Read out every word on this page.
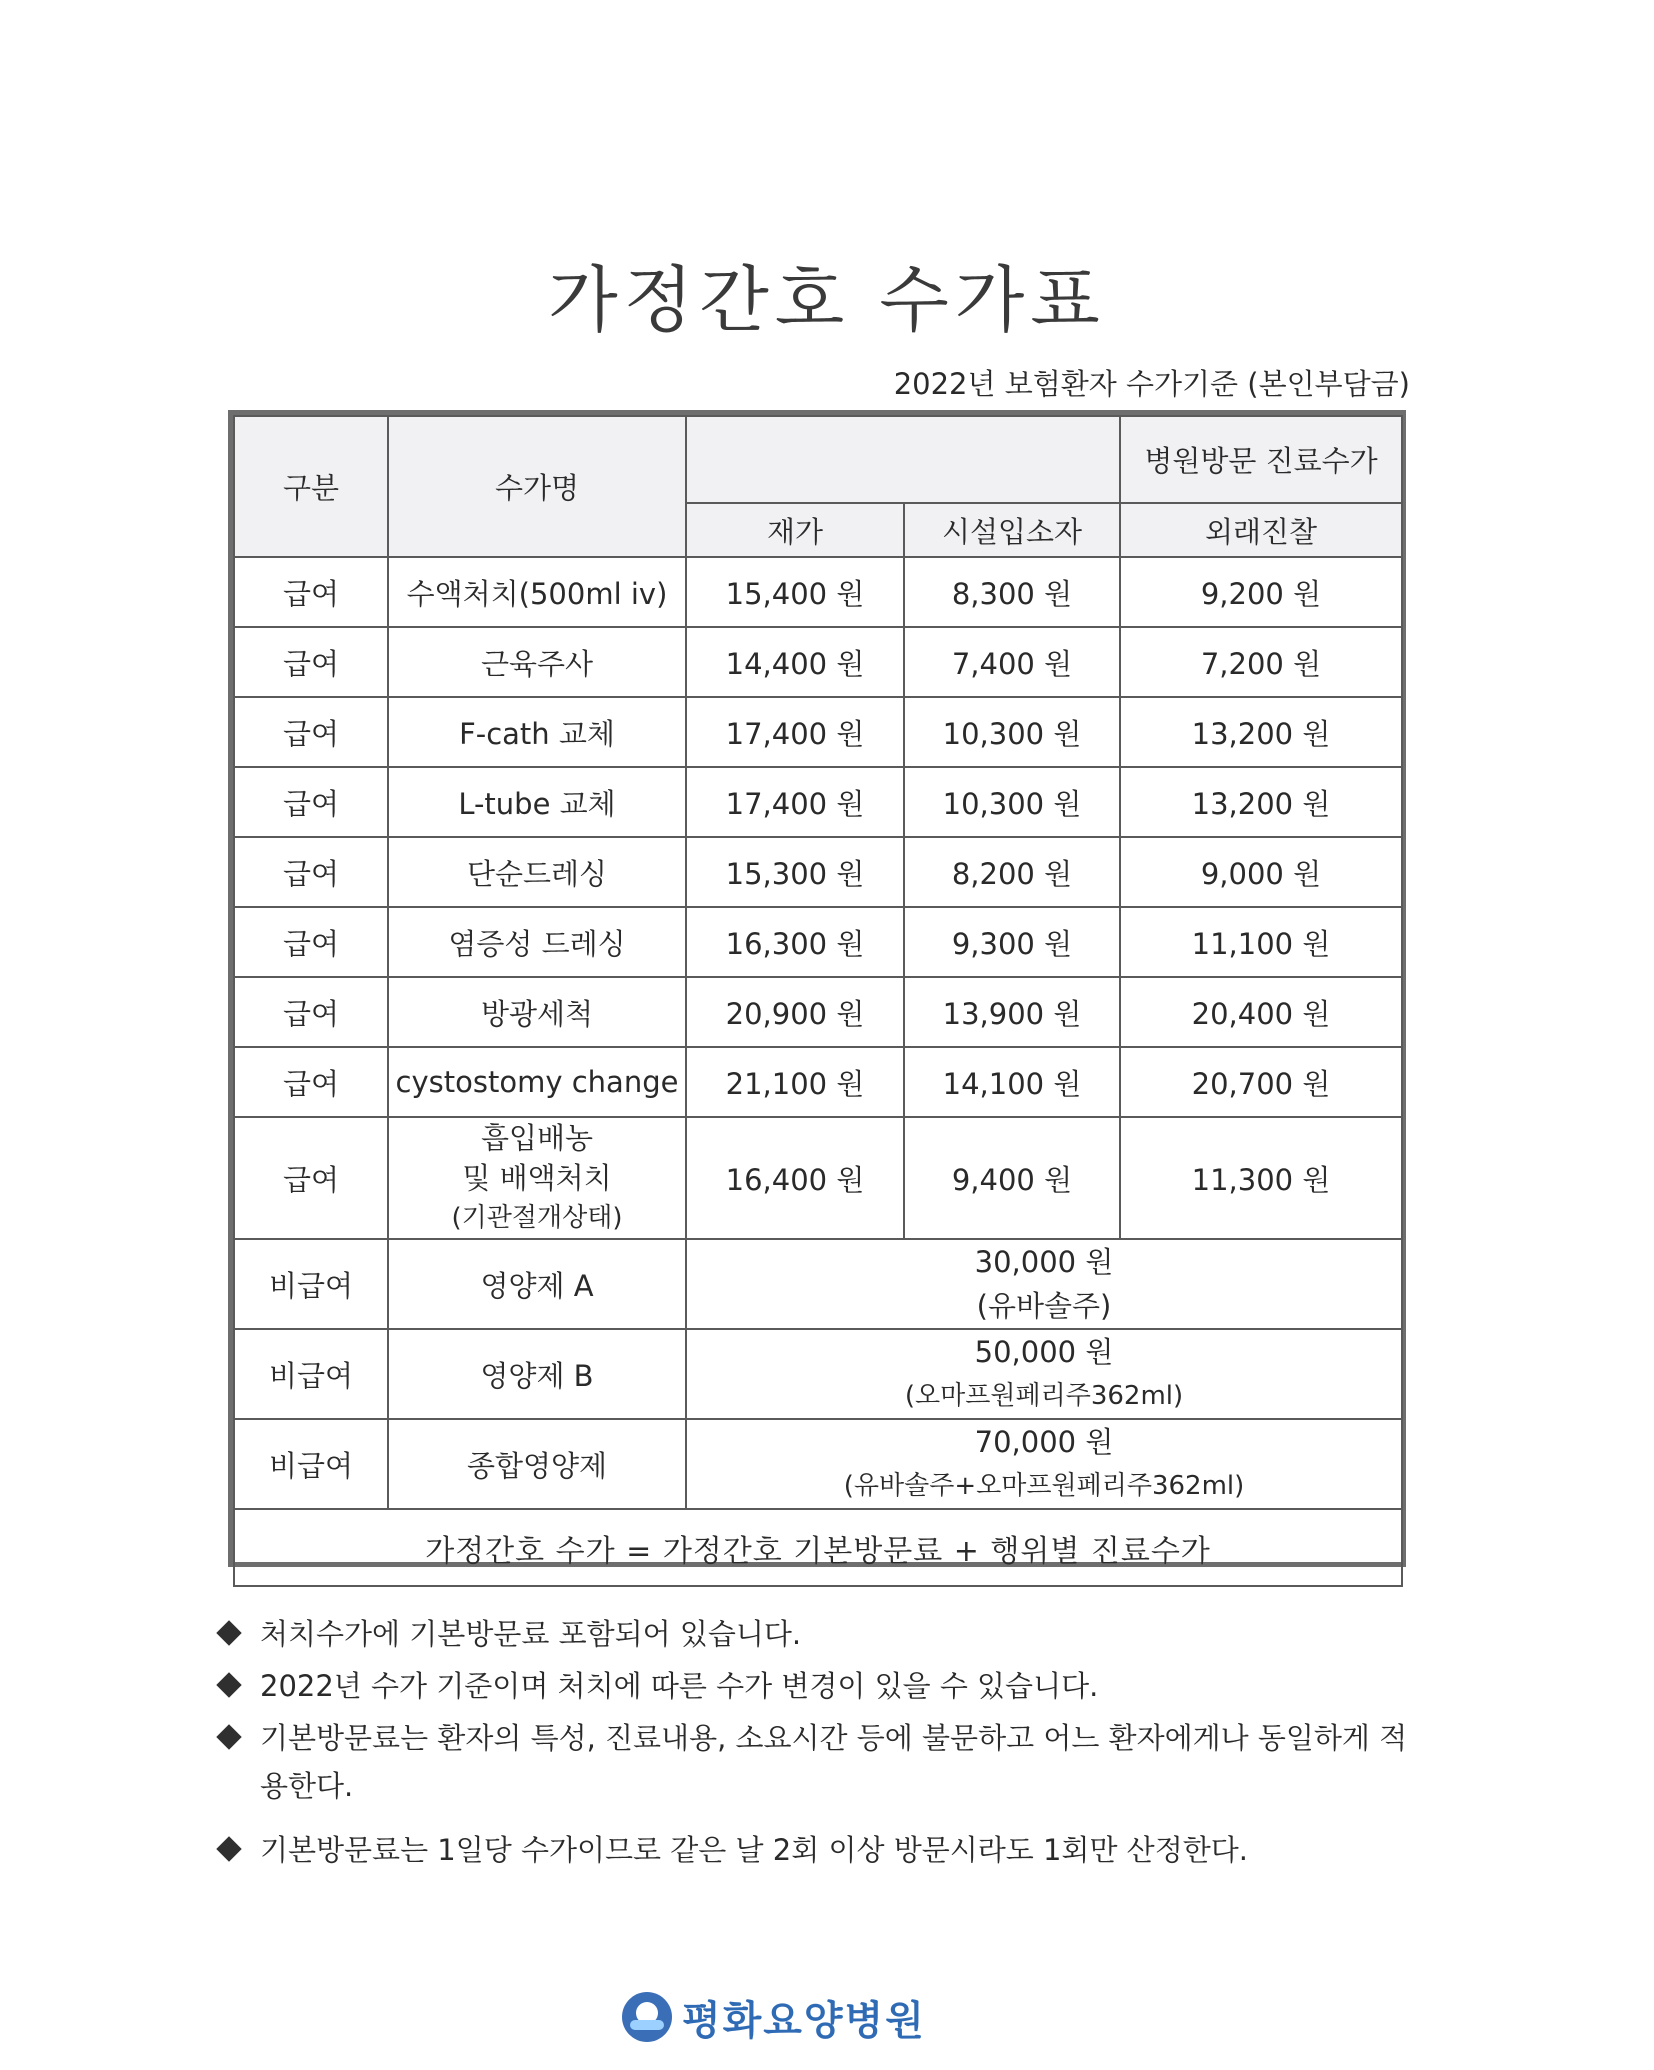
가정간호 수가표
2022년 보험환자 수가기준 (본인부담금)
구분	수가명			병원방문 진료수가
		재가	시설입소자	외래진찰
급여	수액처치(500ml iv)	15,400 원	8,300 원	9,200 원
급여	근육주사	14,400 원	7,400 원	7,200 원
급여	F-cath 교체	17,400 원	10,300 원	13,200 원
급여	L-tube 교체	17,400 원	10,300 원	13,200 원
급여	단순드레싱	15,300 원	8,200 원	9,000 원
급여	염증성 드레싱	16,300 원	9,300 원	11,100 원
급여	방광세척	20,900 원	13,900 원	20,400 원
급여	cystostomy change	21,100 원	14,100 원	20,700 원
급여	흡입배농
및 배액처치
(기관절개상태)	16,400 원	9,400 원	11,300 원
비급여	영양제 A	30,000 원
(유바솔주)		

비급여	영양제 B	50,000 원
(오마프원페리주362ml)		

비급여	종합영양제	70,000 원
(유바솔주+오마프원페리주362ml)		

가정간호 수가 = 가정간호 기본방문료 + 행위별 진료수가				
처치수가에 기본방문료 포함되어 있습니다.
2022년 수가 기준이며 처치에 따른 수가 변경이 있을 수 있습니다.
기본방문료는 환자의 특성, 진료내용, 소요시간 등에 불문하고 어느 환자에게나 동일하게 적용한다.
기본방문료는 1일당 수가이므로 같은 날 2회 이상 방문시라도 1회만 산정한다.
평화요양병원
